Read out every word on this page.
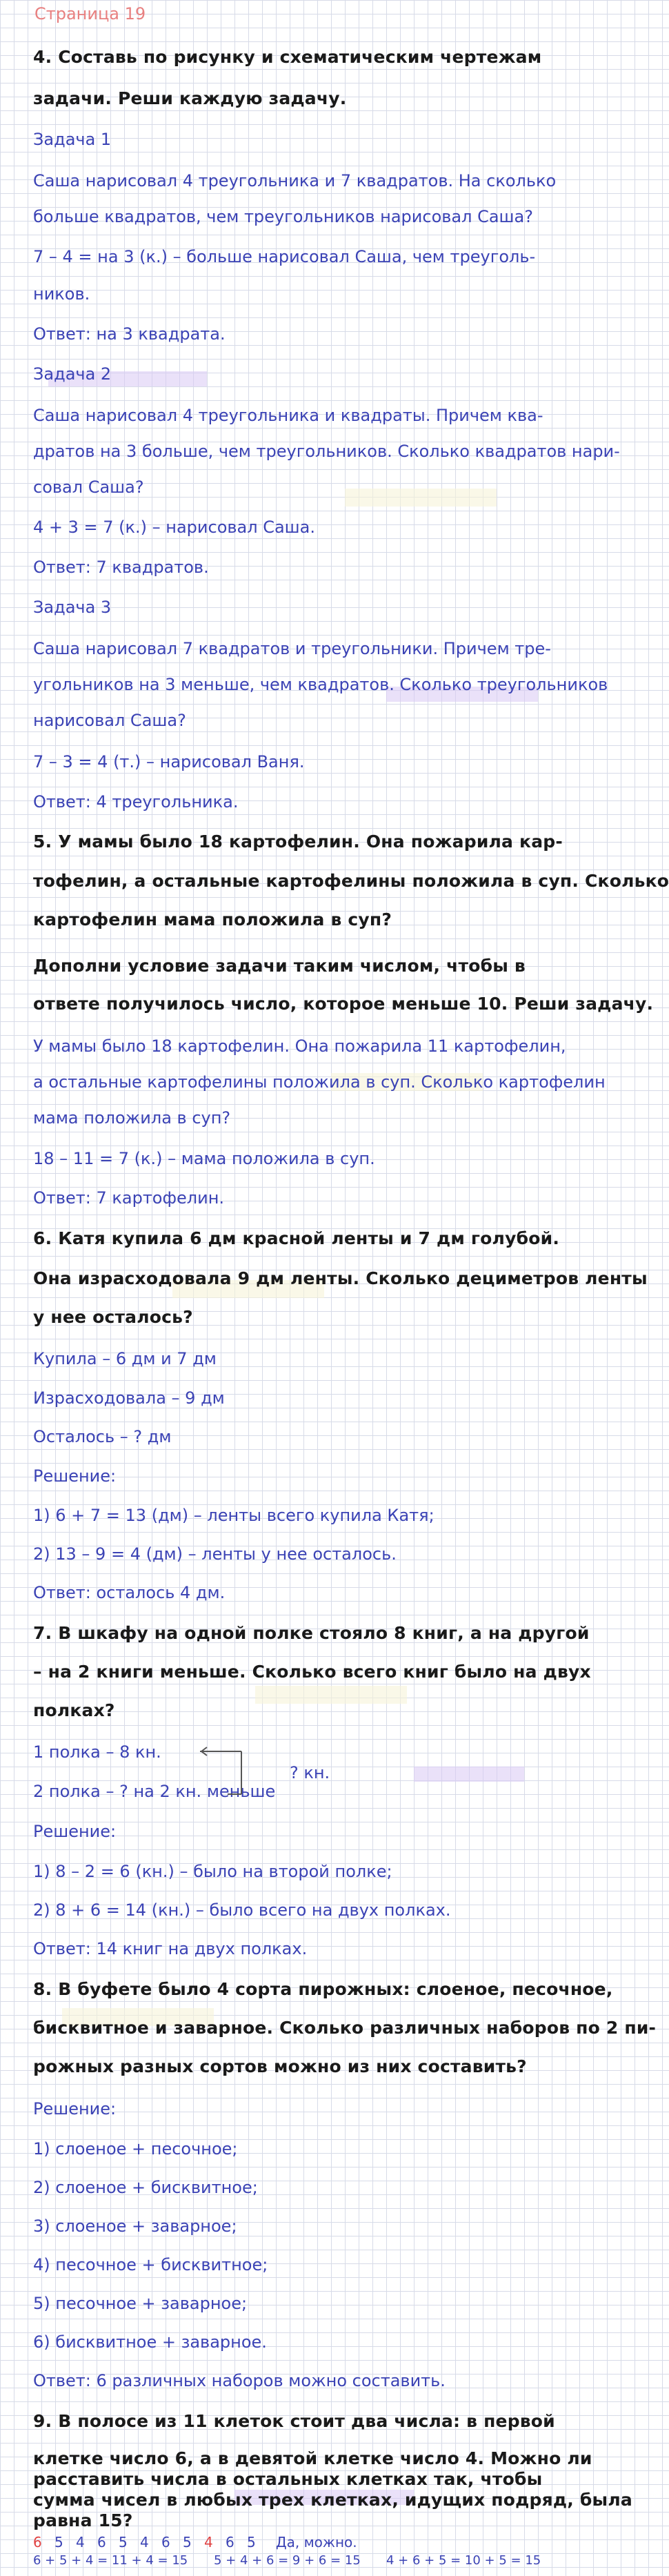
Страница 19
4. Составь по рисунку и схематическим чертежам
задачи. Реши каждую задачу.
Задача 1
Саша нарисовал 4 треугольника и 7 квадратов. На сколько
больше квадратов, чем треугольников нарисовал Саша?
7 – 4 = на 3 (к.) – больше нарисовал Саша, чем треуголь-
ников.
Ответ: на 3 квадрата.
Задача 2
Саша нарисовал 4 треугольника и квадраты. Причем ква-
дратов на 3 больше, чем треугольников. Сколько квадратов нари-
совал Саша?
4 + 3 = 7 (к.) – нарисовал Саша.
Ответ: 7 квадратов.
Задача 3
Саша нарисовал 7 квадратов и треугольники. Причем тре-
угольников на 3 меньше, чем квадратов. Сколько треугольников
нарисовал Саша?
7 – 3 = 4 (т.) – нарисовал Ваня.
Ответ: 4 треугольника.
5. У мамы было 18 картофелин. Она пожарила кар-
тофелин, а остальные картофелины положила в суп. Сколько
картофелин мама положила в суп?
Дополни условие задачи таким числом, чтобы в
ответе получилось число, которое меньше 10. Реши задачу.
У мамы было 18 картофелин. Она пожарила 11 картофелин,
а остальные картофелины положила в суп. Сколько картофелин
мама положила в суп?
18 – 11 = 7 (к.) – мама положила в суп.
Ответ: 7 картофелин.
6. Катя купила 6 дм красной ленты и 7 дм голубой.
Она израсходовала 9 дм ленты. Сколько дециметров ленты
у нее осталось?
Купила – 6 дм и 7 дм
Израсходовала – 9 дм
Осталось – ? дм
Решение:
1) 6 + 7 = 13 (дм) – ленты всего купила Катя;
2) 13 – 9 = 4 (дм) – ленты у нее осталось.
Ответ: осталось 4 дм.
7. В шкафу на одной полке стояло 8 книг, а на другой
– на 2 книги меньше. Сколько всего книг было на двух
полках?
1 полка – 8 кн.
2 полка – ? на 2 кн. меньше
? кн.
Решение:
1) 8 – 2 = 6 (кн.) – было на второй полке;
2) 8 + 6 = 14 (кн.) – было всего на двух полках.
Ответ: 14 книг на двух полках.
8. В буфете было 4 сорта пирожных: слоеное, песочное,
бисквитное и заварное. Сколько различных наборов по 2 пи-
рожных разных сортов можно из них составить?
Решение:
1) слоеное + песочное;
2) слоеное + бисквитное;
3) слоеное + заварное;
4) песочное + бисквитное;
5) песочное + заварное;
6) бисквитное + заварное.
Ответ: 6 различных наборов можно составить.
9. В полосе из 11 клеток стоит два числа: в первой
клетке число 6, а в девятой клетке число 4. Можно ли
расставить числа в остальных клетках так, чтобы
сумма чисел в любых трех клетках, идущих подряд, была
равна 15?
6 5 4 6 5 4 6 5 4 6 5	Да, можно.
6 + 5 + 4 = 11 + 4 = 15 5 + 4 + 6 = 9 + 6 = 15 4 + 6 + 5 = 10 + 5 = 15
